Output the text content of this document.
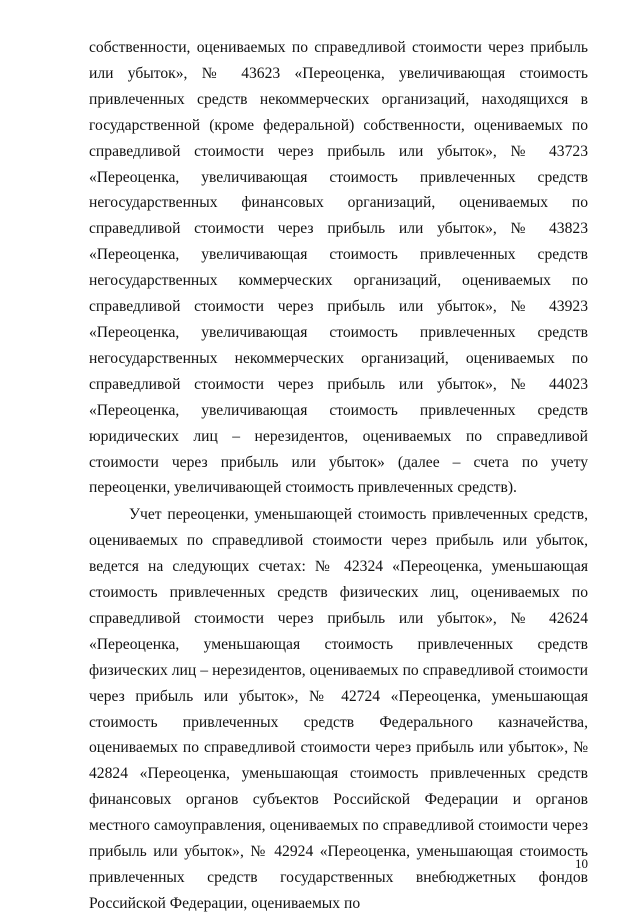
собственности, оцениваемых по справедливой стоимости через прибыль или убыток», № 43623 «Переоценка, увеличивающая стоимость привлеченных средств некоммерческих организаций, находящихся в государственной (кроме федеральной) собственности, оцениваемых по справедливой стоимости через прибыль или убыток», № 43723 «Переоценка, увеличивающая стоимость привлеченных средств негосударственных финансовых организаций, оцениваемых по справедливой стоимости через прибыль или убыток», № 43823 «Переоценка, увеличивающая стоимость привлеченных средств негосударственных коммерческих организаций, оцениваемых по справедливой стоимости через прибыль или убыток», № 43923 «Переоценка, увеличивающая стоимость привлеченных средств негосударственных некоммерческих организаций, оцениваемых по справедливой стоимости через прибыль или убыток», № 44023 «Переоценка, увеличивающая стоимость привлеченных средств юридических лиц – нерезидентов, оцениваемых по справедливой стоимости через прибыль или убыток» (далее – счета по учету переоценки, увеличивающей стоимость привлеченных средств).

Учет переоценки, уменьшающей стоимость привлеченных средств, оцениваемых по справедливой стоимости через прибыль или убыток, ведется на следующих счетах: № 42324 «Переоценка, уменьшающая стоимость привлеченных средств физических лиц, оцениваемых по справедливой стоимости через прибыль или убыток», № 42624 «Переоценка, уменьшающая стоимость привлеченных средств физических лиц – нерезидентов, оцениваемых по справедливой стоимости через прибыль или убыток», № 42724 «Переоценка, уменьшающая стоимость привлеченных средств Федерального казначейства, оцениваемых по справедливой стоимости через прибыль или убыток», № 42824 «Переоценка, уменьшающая стоимость привлеченных средств финансовых органов субъектов Российской Федерации и органов местного самоуправления, оцениваемых по справедливой стоимости через прибыль или убыток», № 42924 «Переоценка, уменьшающая стоимость привлеченных средств государственных внебюджетных фондов Российской Федерации, оцениваемых по

10
